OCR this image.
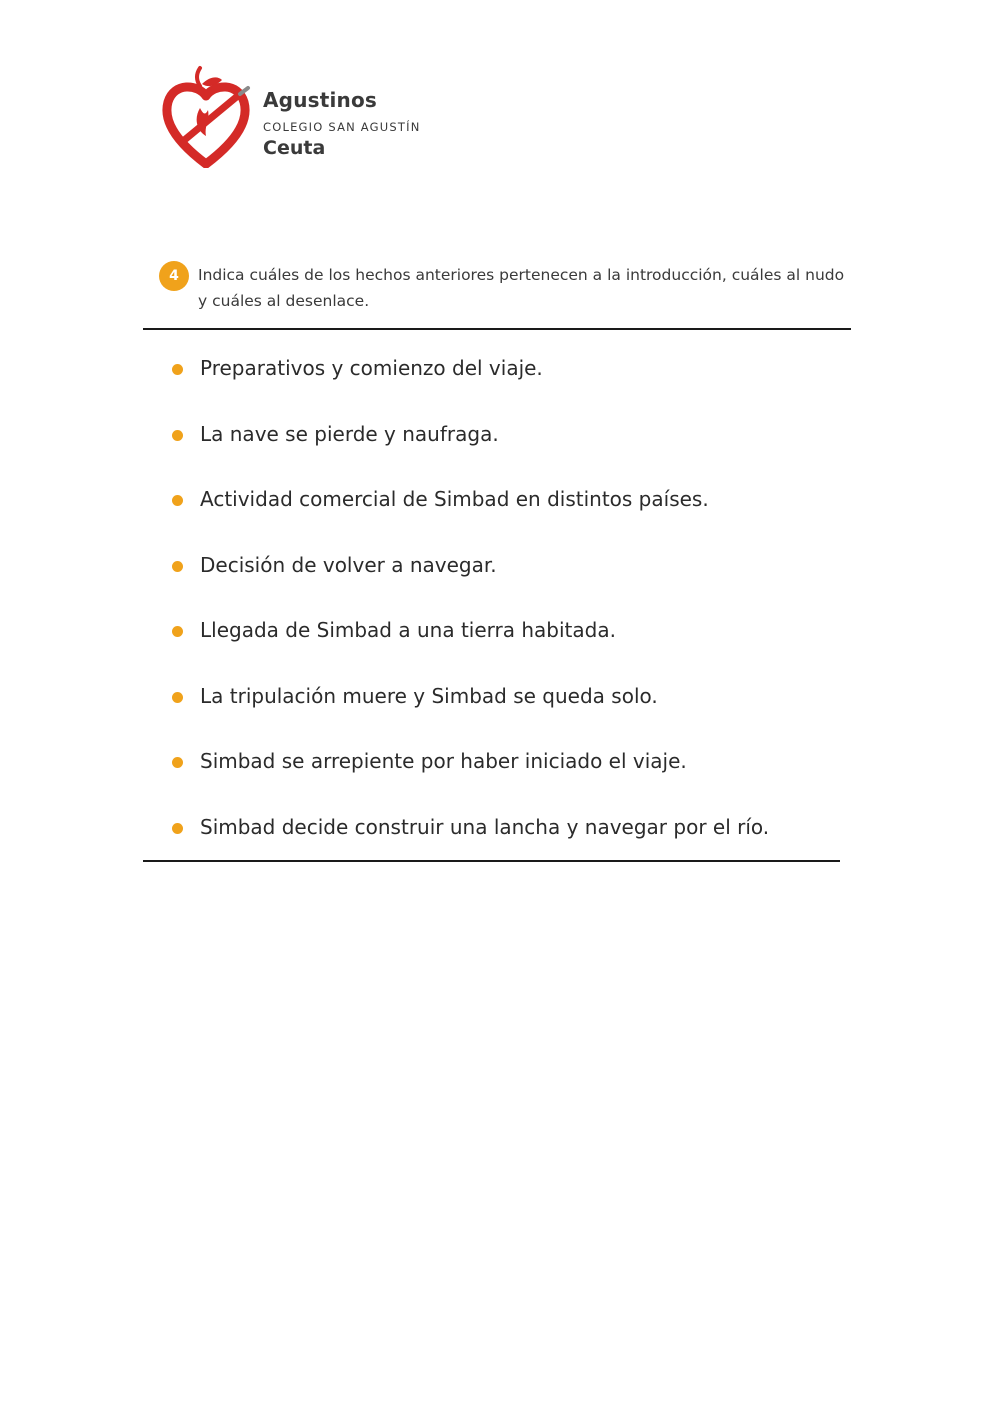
Agustinos
COLEGIO SAN AGUSTÍN
Ceuta
4	Indica cuáles de los hechos anteriores pertenecen a la introducción, cuáles al nudo y cuáles al desenlace.
Preparativos y comienzo del viaje.
La nave se pierde y naufraga.
Actividad comercial de Simbad en distintos países.
Decisión de volver a navegar.
Llegada de Simbad a una tierra habitada.
La tripulación muere y Simbad se queda solo.
Simbad se arrepiente por haber iniciado el viaje.
Simbad decide construir una lancha y navegar por el río.
